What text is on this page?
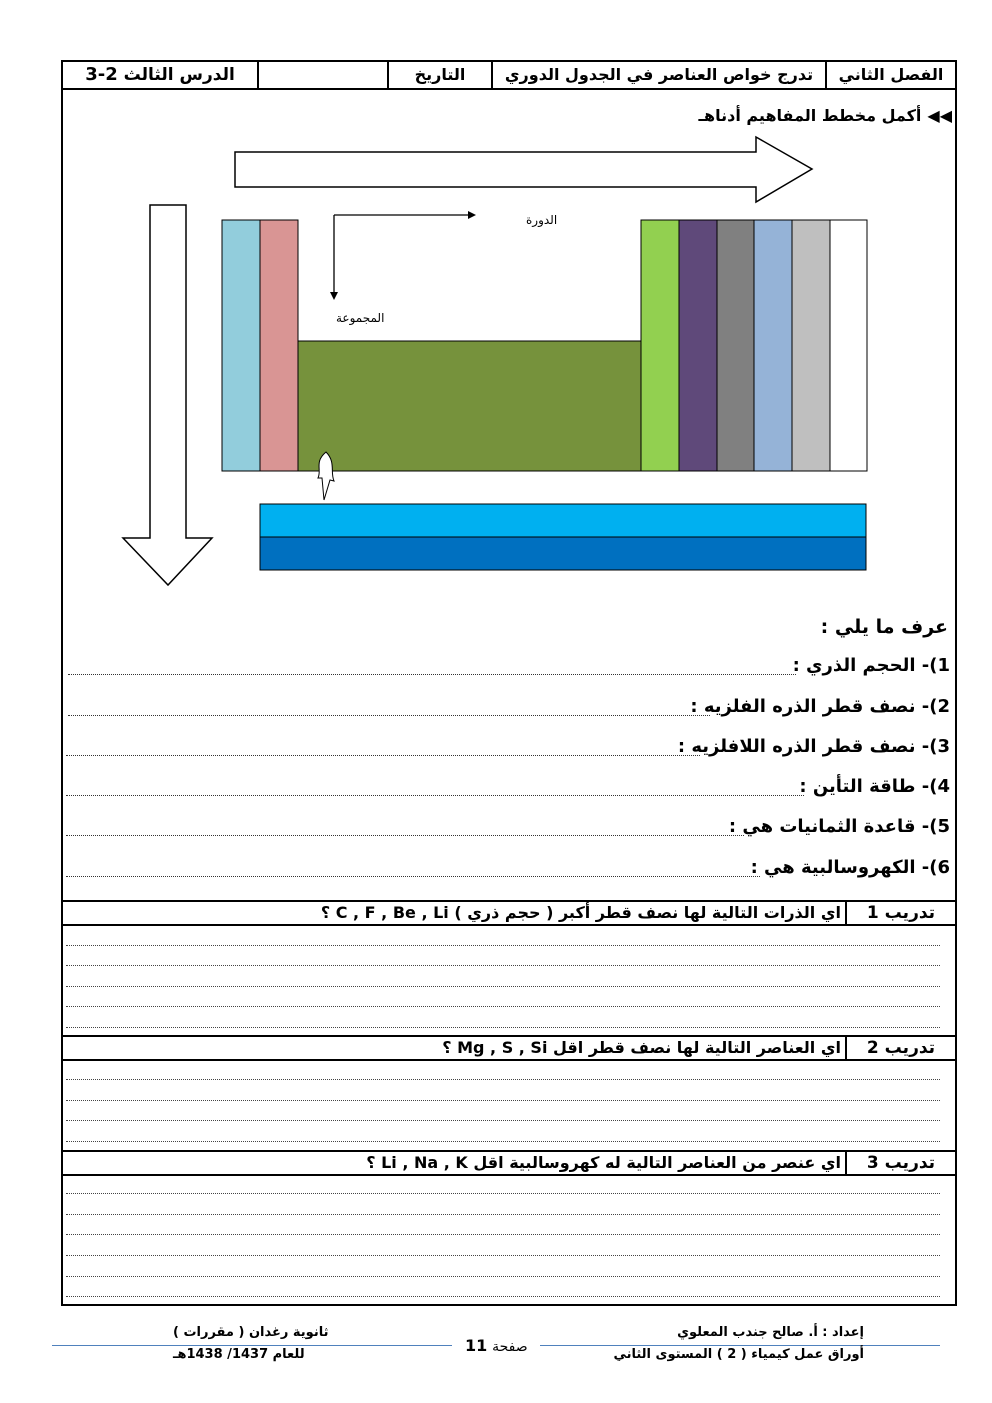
الفصل الثاني
تدرج خواص العناصر في الجدول الدوري
التاريخ
الدرس الثالث 2-3
◀◀أكمل مخطط المفاهيم أدناهـ
الدورة
المجموعة
عرف ما يلي :
1)- الحجم الذري :
2)- نصف قطر الذره الفلزيه :
3)- نصف قطر الذره اللافلزيه :
4)- طاقة التأين :
5)- قاعدة الثمانيات هي :
6)- الكهروسالبية هي :
تدريب 1
اي الذرات التالية لها نصف قطر أكبر ( حجم ذري ) C , F , Be , Li ؟
تدريب 2
اي العناصر التالية لها نصف قطر اقل Mg , S , Si ؟
تدريب 3
اي عنصر من العناصر التالية له كهروسالبية اقل Li , Na , K ؟
ثانوية رغدان ( مقررات )
للعام 1437/ 1438هـ	صفحة 11
إعداد : أ. صالح جندب المعلوي
أوراق عمل كيمياء ( 2 ) المستوى الثاني
